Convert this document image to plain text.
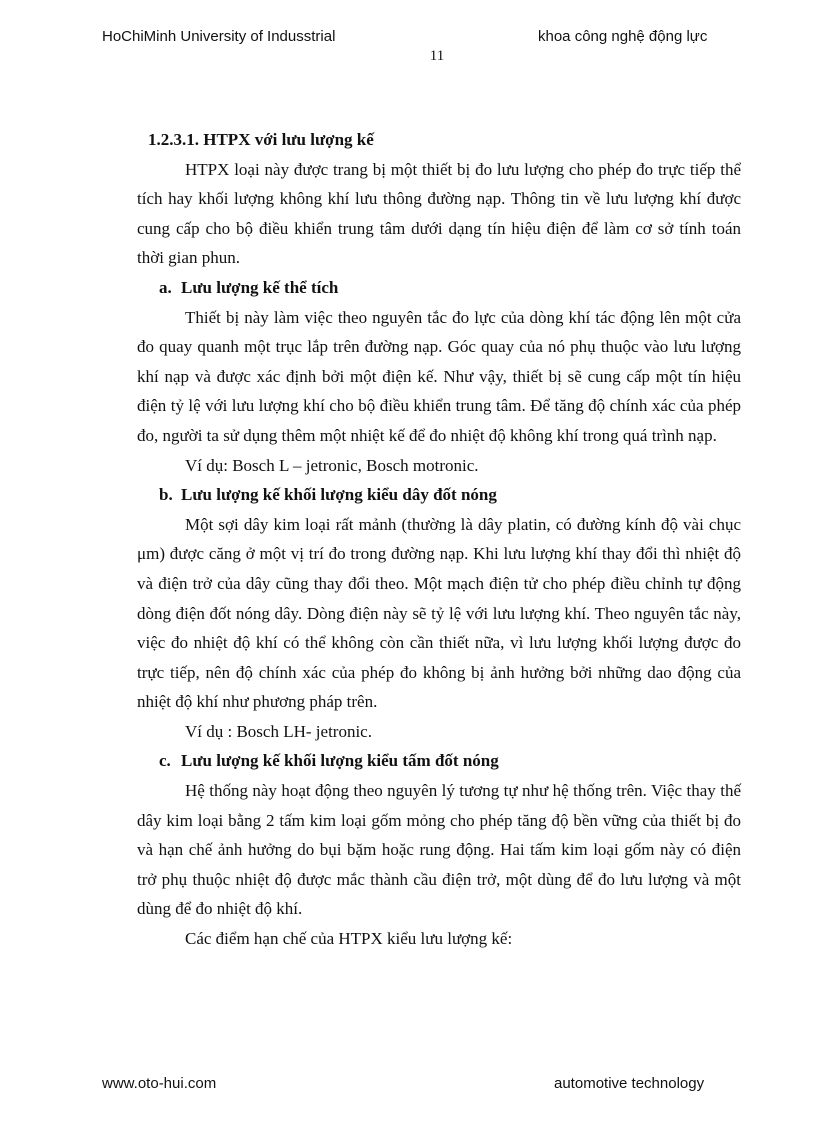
HoChiMinh University of Indusstrial	khoa công nghệ động lực
11
1.2.3.1. HTPX với lưu lượng kế

HTPX loại này được trang bị một thiết bị đo lưu lượng cho phép đo trực tiếp thể tích hay khối lượng không khí lưu thông đường nạp. Thông tin về lưu lượng khí được cung cấp cho bộ điều khiển trung tâm dưới dạng tín hiệu điện để làm cơ sở tính toán thời gian phun.

a. Lưu lượng kế thể tích

Thiết bị này làm việc theo nguyên tắc đo lực của dòng khí tác động lên một cửa đo quay quanh một trục lắp trên đường nạp. Góc quay của nó phụ thuộc vào lưu lượng khí nạp và được xác định bởi một điện kế. Như vậy, thiết bị sẽ cung cấp một tín hiệu điện tỷ lệ với lưu lượng khí cho bộ điều khiển trung tâm. Để tăng độ chính xác của phép đo, người ta sử dụng thêm một nhiệt kế để đo nhiệt độ không khí trong quá trình nạp.

Ví dụ: Bosch L – jetronic, Bosch motronic.

b. Lưu lượng kế khối lượng kiểu dây đốt nóng

Một sợi dây kim loại rất mảnh (thường là dây platin, có đường kính độ vài chục μm) được căng ở một vị trí đo trong đường nạp. Khi lưu lượng khí thay đổi thì nhiệt độ và điện trở của dây cũng thay đổi theo. Một mạch điện tử cho phép điều chỉnh tự động dòng điện đốt nóng dây. Dòng điện này sẽ tỷ lệ với lưu lượng khí. Theo nguyên tắc này, việc đo nhiệt độ khí có thể không còn cần thiết nữa, vì lưu lượng khối lượng được đo trực tiếp, nên độ chính xác của phép đo không bị ảnh hưởng bởi những dao động của nhiệt độ khí như phương pháp trên.

Ví dụ : Bosch LH- jetronic.

c. Lưu lượng kế khối lượng kiểu tấm đốt nóng

Hệ thống này hoạt động theo nguyên lý tương tự như hệ thống trên. Việc thay thế dây kim loại bằng 2 tấm kim loại gốm mỏng cho phép tăng độ bền vững của thiết bị đo và hạn chế ảnh hưởng do bụi bặm hoặc rung động. Hai tấm kim loại gốm này có điện trở phụ thuộc nhiệt độ được mắc thành cầu điện trở, một dùng để đo lưu lượng và một dùng để đo nhiệt độ khí.

Các điểm hạn chế của HTPX kiểu lưu lượng kế:

www.oto-hui.com	automotive technology
